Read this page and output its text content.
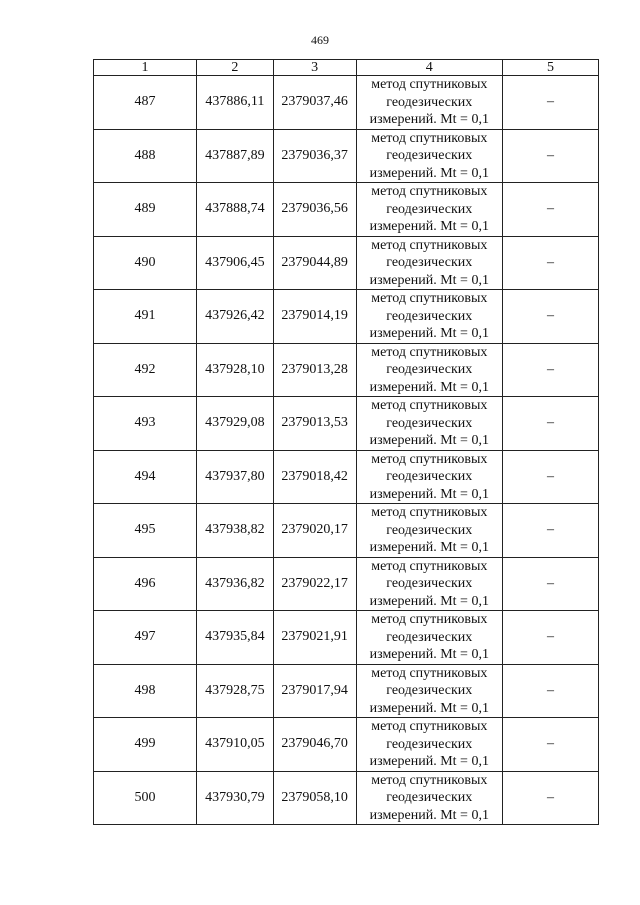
469
1	2	3	4	5
487	437886,11	2379037,46	метод спутниковых
геодезических
измерений. Mt = 0,1	–
488	437887,89	2379036,37	метод спутниковых
геодезических
измерений. Mt = 0,1	–
489	437888,74	2379036,56	метод спутниковых
геодезических
измерений. Mt = 0,1	–
490	437906,45	2379044,89	метод спутниковых
геодезических
измерений. Mt = 0,1	–
491	437926,42	2379014,19	метод спутниковых
геодезических
измерений. Mt = 0,1	–
492	437928,10	2379013,28	метод спутниковых
геодезических
измерений. Mt = 0,1	–
493	437929,08	2379013,53	метод спутниковых
геодезических
измерений. Mt = 0,1	–
494	437937,80	2379018,42	метод спутниковых
геодезических
измерений. Mt = 0,1	–
495	437938,82	2379020,17	метод спутниковых
геодезических
измерений. Mt = 0,1	–
496	437936,82	2379022,17	метод спутниковых
геодезических
измерений. Mt = 0,1	–
497	437935,84	2379021,91	метод спутниковых
геодезических
измерений. Mt = 0,1	–
498	437928,75	2379017,94	метод спутниковых
геодезических
измерений. Mt = 0,1	–
499	437910,05	2379046,70	метод спутниковых
геодезических
измерений. Mt = 0,1	–
500	437930,79	2379058,10	метод спутниковых
геодезических
измерений. Mt = 0,1	–
